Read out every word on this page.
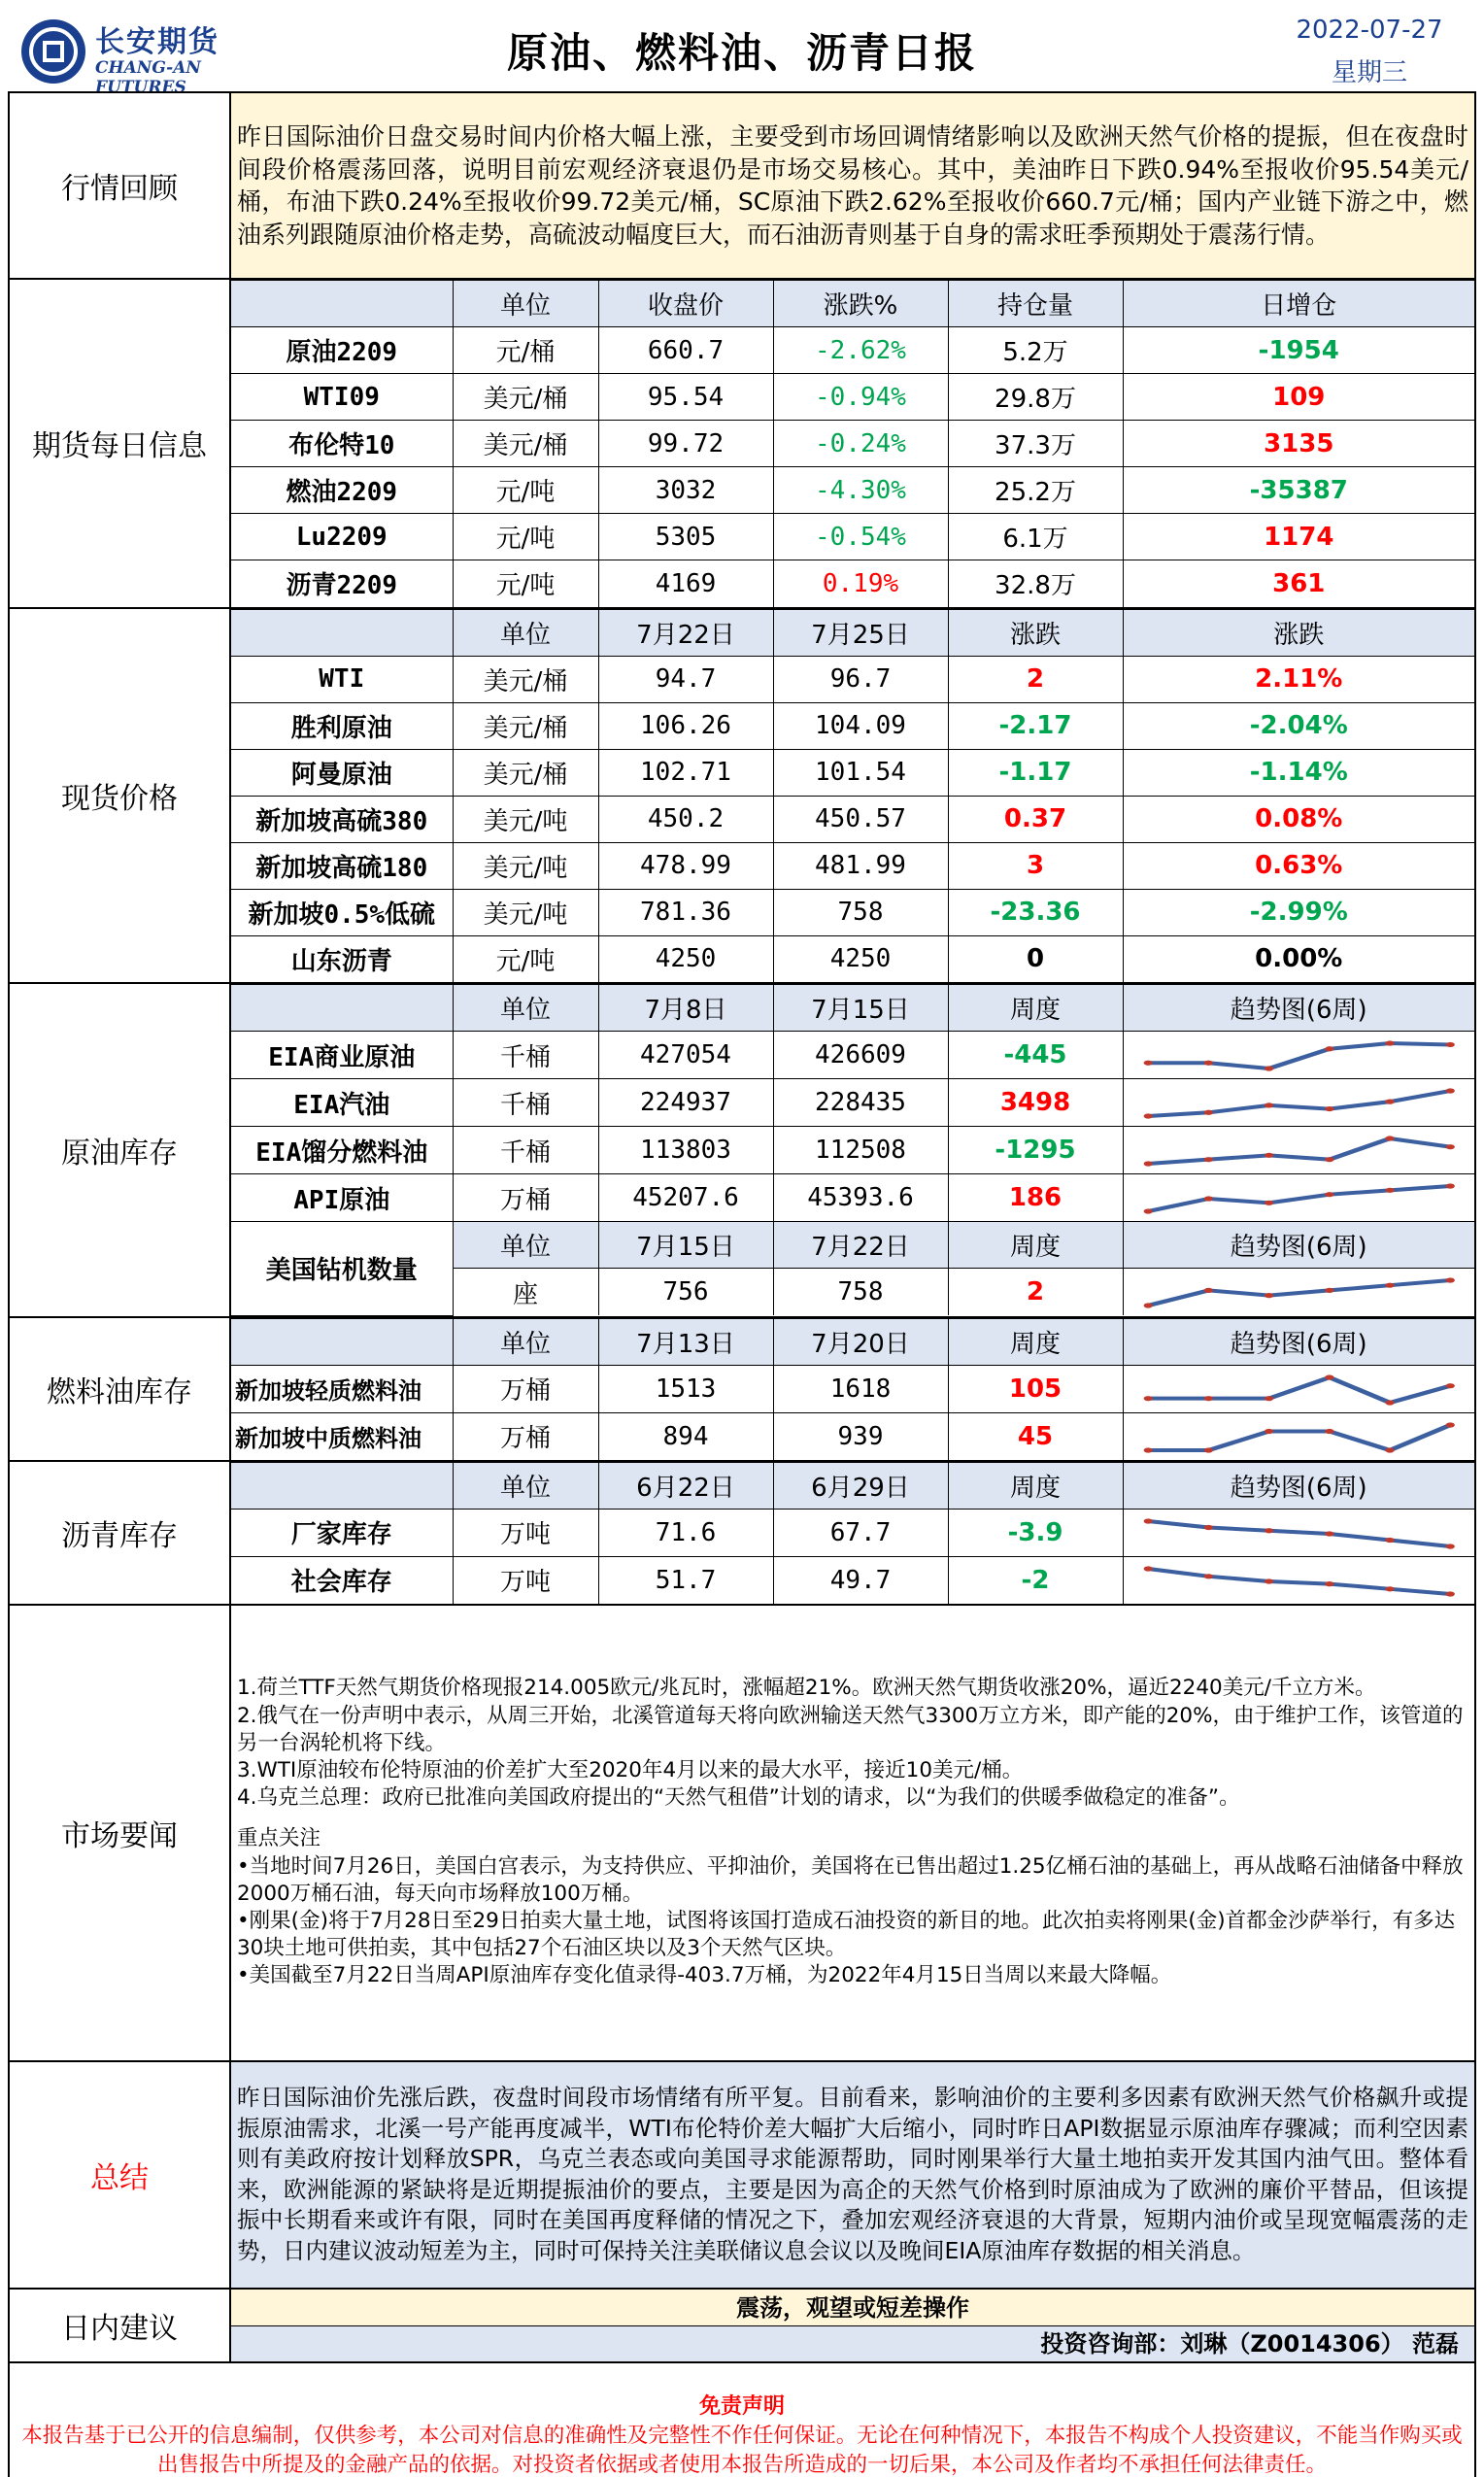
长安期货
CHANG-AN FUTURES
原油、燃料油、沥青日报	2022-07-27
星期三
行情回顾	
昨日国际油价日盘交易时间内价格大幅上涨，主要受到市场回调情绪影响以及欧洲天然气价格的提振，但在夜盘时间段价格震荡回落，说明目前宏观经济衰退仍是市场交易核心。其中，美油昨日下跌0.94%至报收价95.54美元/桶，布油下跌0.24%至报收价99.72美元/桶，SC原油下跌2.62%至报收价660.7元/桶；国内产业链下游之中，燃油系列跟随原油价格走势，高硫波动幅度巨大，而石油沥青则基于自身的需求旺季预期处于震荡行情。

期货每日信息	
	单位	收盘价	涨跌%	持仓量	日增仓
原油2209	元/桶	660.7	-2.62%	5.2万	-1954
WTI09	美元/桶	95.54	-0.94%	29.8万	109
布伦特10	美元/桶	99.72	-0.24%	37.3万	3135
燃油2209	元/吨	3032	-4.30%	25.2万	-35387
Lu2209	元/吨	5305	-0.54%	6.1万	1174
沥青2209	元/吨	4169	0.19%	32.8万	361

现货价格	
	单位	7月22日	7月25日	涨跌	涨跌
WTI	美元/桶	94.7	96.7	2	2.11%
胜利原油	美元/桶	106.26	104.09	-2.17	-2.04%
阿曼原油	美元/桶	102.71	101.54	-1.17	-1.14%
新加坡高硫380	美元/吨	450.2	450.57	0.37	0.08%
新加坡高硫180	美元/吨	478.99	481.99	3	0.63%
新加坡0.5%低硫	美元/吨	781.36	758	-23.36	-2.99%
山东沥青	元/吨	4250	4250	0	0.00%

原油库存	
	单位	7月8日	7月15日	周度	趋势图(6周)
EIA商业原油	千桶	427054	426609	-445	

EIA汽油	千桶	224937	228435	3498	

EIA馏分燃料油	千桶	113803	112508	-1295	

API原油	万桶	45207.6	45393.6	186	

美国钻机数量	单位	7月15日	7月22日	周度	趋势图(6周)
座	756	758	2	

燃料油库存	
	单位	7月13日	7月20日	周度	趋势图(6周)
新加坡轻质燃料油	万桶	1513	1618	105	

新加坡中质燃料油	万桶	894	939	45	

沥青库存	
	单位	6月22日	6月29日	周度	趋势图(6周)
厂家库存	万吨	71.6	67.7	-3.9	

社会库存	万吨	51.7	49.7	-2	

市场要闻	

1.荷兰TTF天然气期货价格现报214.005欧元/兆瓦时，涨幅超21%。欧洲天然气期货收涨20%，逼近2240美元/千立方米。

2.俄气在一份声明中表示，从周三开始，北溪管道每天将向欧洲输送天然气3300万立方米，即产能的20%，由于维护工作，该管道的另一台涡轮机将下线。

3.WTI原油较布伦特原油的价差扩大至2020年4月以来的最大水平，接近10美元/桶。

4.乌克兰总理：政府已批准向美国政府提出的“天然气租借”计划的请求，以“为我们的供暖季做稳定的准备”。

重点关注

•当地时间7月26日，美国白宫表示，为支持供应、平抑油价，美国将在已售出超过1.25亿桶石油的基础上，再从战略石油储备中释放2000万桶石油，每天向市场释放100万桶。

•刚果(金)将于7月28日至29日拍卖大量土地，试图将该国打造成石油投资的新目的地。此次拍卖将刚果(金)首都金沙萨举行，有多达30块土地可供拍卖，其中包括27个石油区块以及3个天然气区块。

•美国截至7月22日当周API原油库存变化值录得-403.7万桶，为2022年4月15日当周以来最大降幅。

总结	
昨日国际油价先涨后跌，夜盘时间段市场情绪有所平复。目前看来，影响油价的主要利多因素有欧洲天然气价格飙升或提振原油需求，北溪一号产能再度减半，WTI布伦特价差大幅扩大后缩小，同时昨日API数据显示原油库存骤减；而利空因素则有美政府按计划释放SPR，乌克兰表态或向美国寻求能源帮助，同时刚果举行大量土地拍卖开发其国内油气田。整体看来，欧洲能源的紧缺将是近期提振油价的要点，主要是因为高企的天然气价格到时原油成为了欧洲的廉价平替品，但该提振中长期看来或许有限，同时在美国再度释储的情况之下，叠加宏观经济衰退的大背景，短期内油价或呈现宽幅震荡的走势，日内建议波动短差为主，同时可保持关注美联储议息会议以及晚间EIA原油库存数据的相关消息。

日内建议	
震荡，观望或短差操作
投资咨询部：刘琳（Z0014306） 范磊

免责声明
本报告基于已公开的信息编制，仅供参考，本公司对信息的准确性及完整性不作任何保证。无论在何种情况下，本报告不构成个人投资建议，不能当作购买或出售报告中所提及的金融产品的依据。对投资者依据或者使用本报告所造成的一切后果，本公司及作者均不承担任何法律责任。
